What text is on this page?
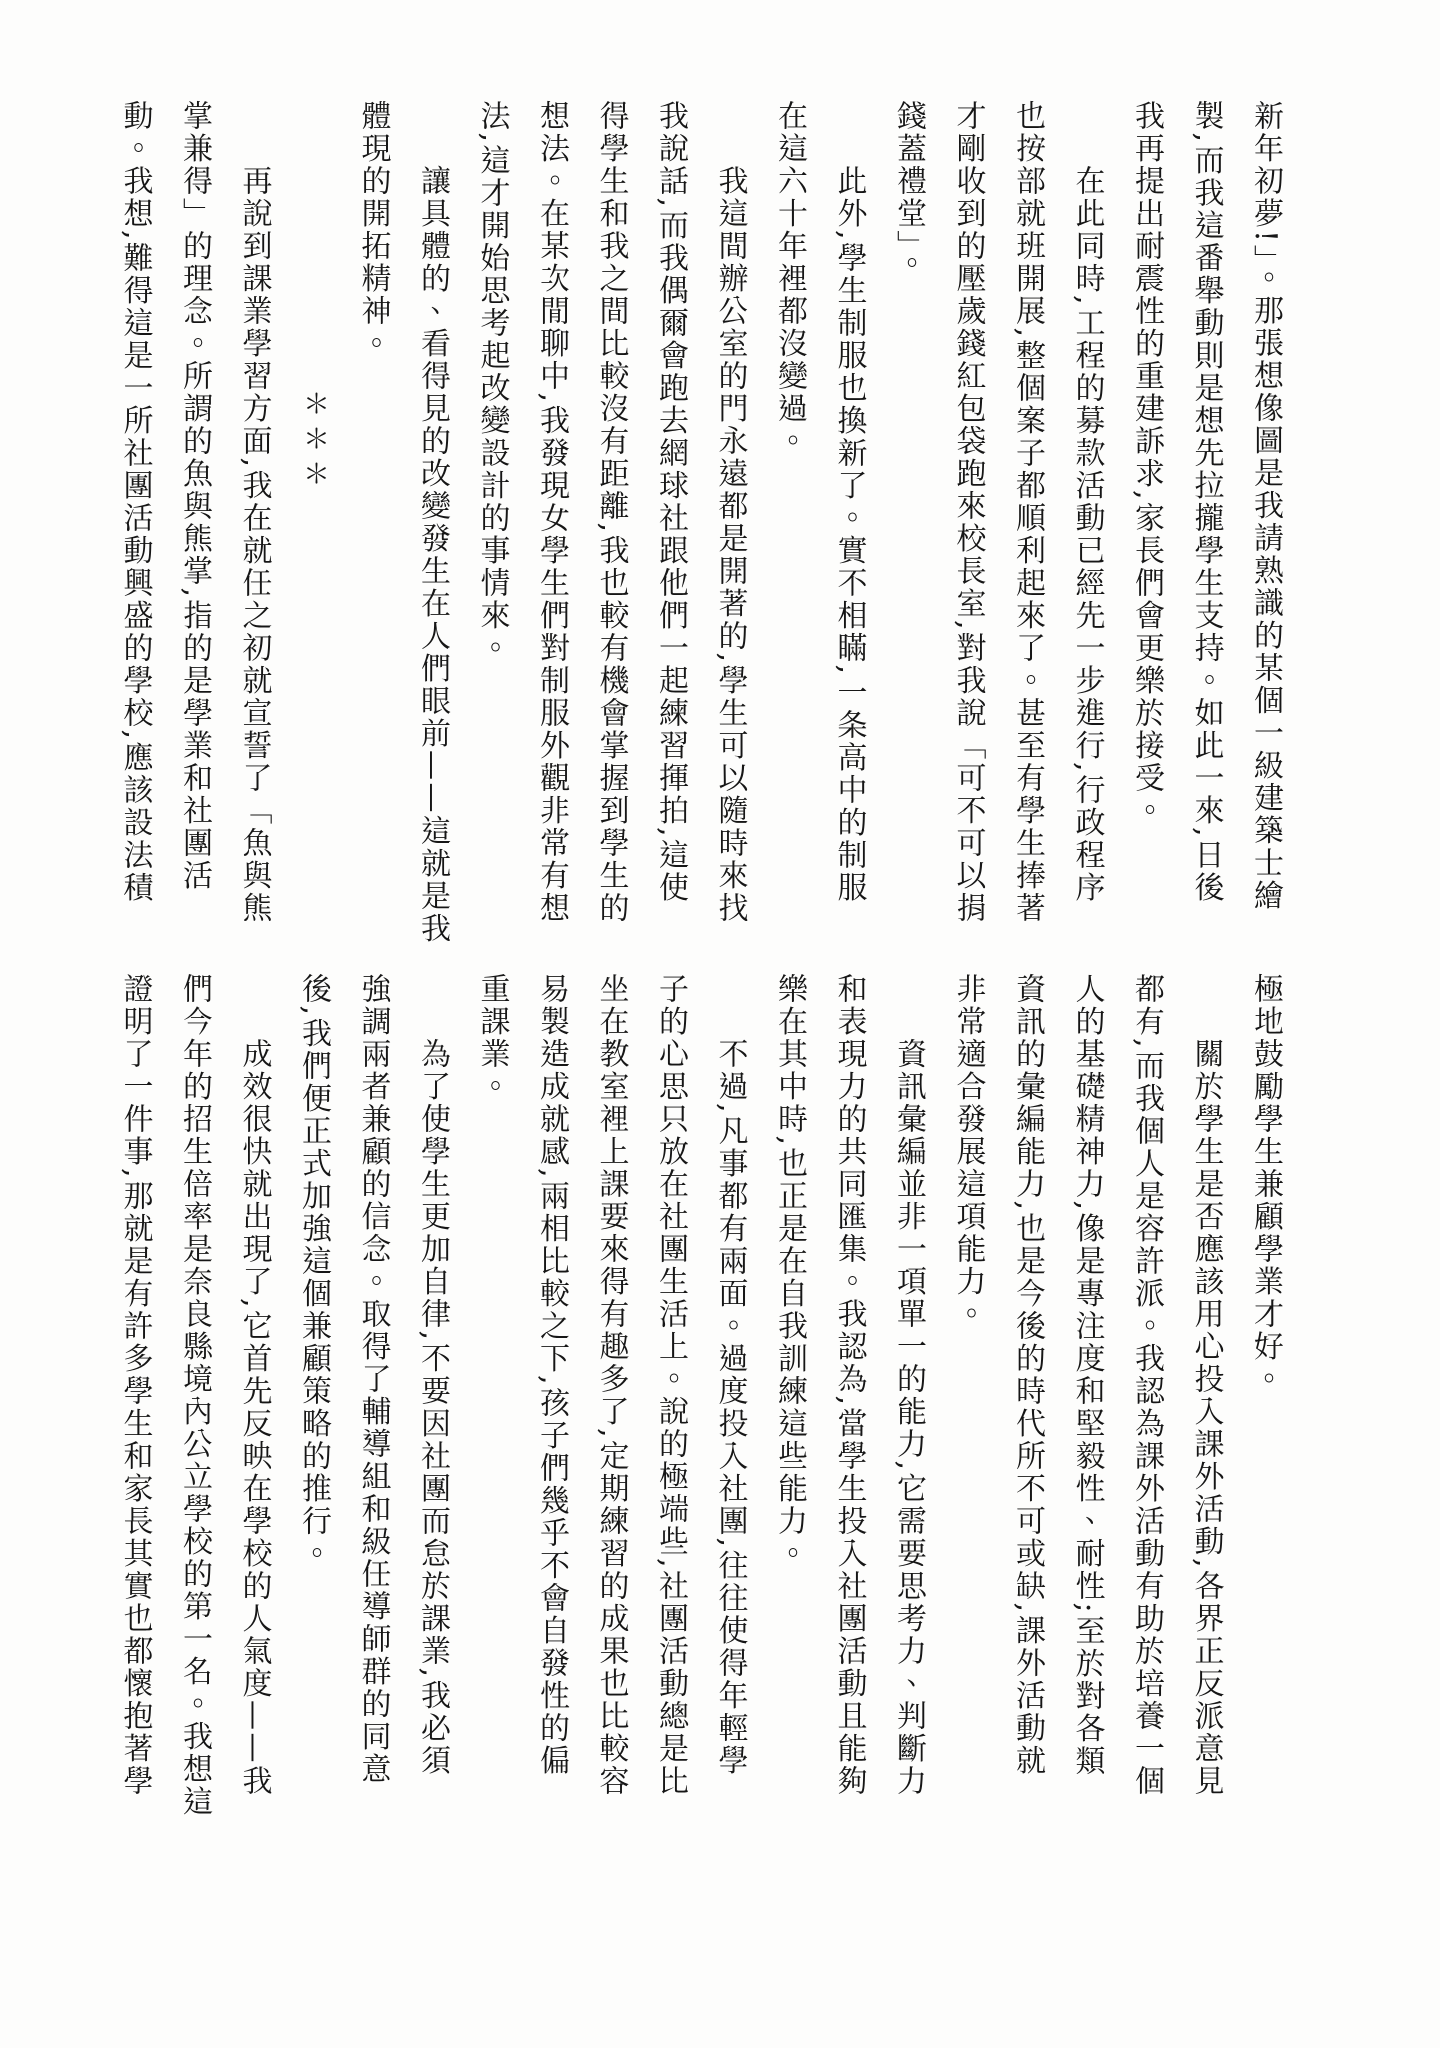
新年初夢!」。那張想像圖是我請熟識的某個一級建築士繪

製,而我這番舉動則是想先拉攏學生支持。如此一來,日後

我再提出耐震性的重建訴求,家長們會更樂於接受。

在此同時,工程的募款活動已經先一步進行,行政程序

也按部就班開展,整個案子都順利起來了。甚至有學生捧著

才剛收到的壓歲錢紅包袋跑來校長室,對我說「可不可以捐

錢蓋禮堂」。

此外,學生制服也換新了。實不相瞞,一条高中的制服

在這六十年裡都沒變過。

我這間辦公室的門永遠都是開著的,學生可以隨時來找

我說話,而我偶爾會跑去網球社跟他們一起練習揮拍,這使

得學生和我之間比較沒有距離,我也較有機會掌握到學生的

想法。在某次閒聊中,我發現女學生們對制服外觀非常有想

法,這才開始思考起改變設計的事情來。

讓具體的、看得見的改變發生在人們眼前——這就是我

體現的開拓精神。

＊＊＊

再說到課業學習方面,我在就任之初就宣誓了「魚與熊

掌兼得」的理念。所謂的魚與熊掌,指的是學業和社團活

動。我想,難得這是一所社團活動興盛的學校,應該設法積

極地鼓勵學生兼顧學業才好。

關於學生是否應該用心投入課外活動,各界正反派意見

都有,而我個人是容許派。我認為課外活動有助於培養一個

人的基礎精神力,像是專注度和堅毅性、耐性;至於對各類

資訊的彙編能力,也是今後的時代所不可或缺,課外活動就

非常適合發展這項能力。

資訊彙編並非一項單一的能力,它需要思考力、判斷力

和表現力的共同匯集。我認為,當學生投入社團活動且能夠

樂在其中時,也正是在自我訓練這些能力。

不過,凡事都有兩面。過度投入社團,往往使得年輕學

子的心思只放在社團生活上。說的極端些,社團活動總是比

坐在教室裡上課要來得有趣多了,定期練習的成果也比較容

易製造成就感,兩相比較之下,孩子們幾乎不會自發性的偏

重課業。

為了使學生更加自律,不要因社團而怠於課業,我必須

強調兩者兼顧的信念。取得了輔導組和級任導師群的同意

後,我們便正式加強這個兼顧策略的推行。

成效很快就出現了,它首先反映在學校的人氣度——我

們今年的招生倍率是奈良縣境內公立學校的第一名。我想這

證明了一件事,那就是有許多學生和家長其實也都懷抱著學
